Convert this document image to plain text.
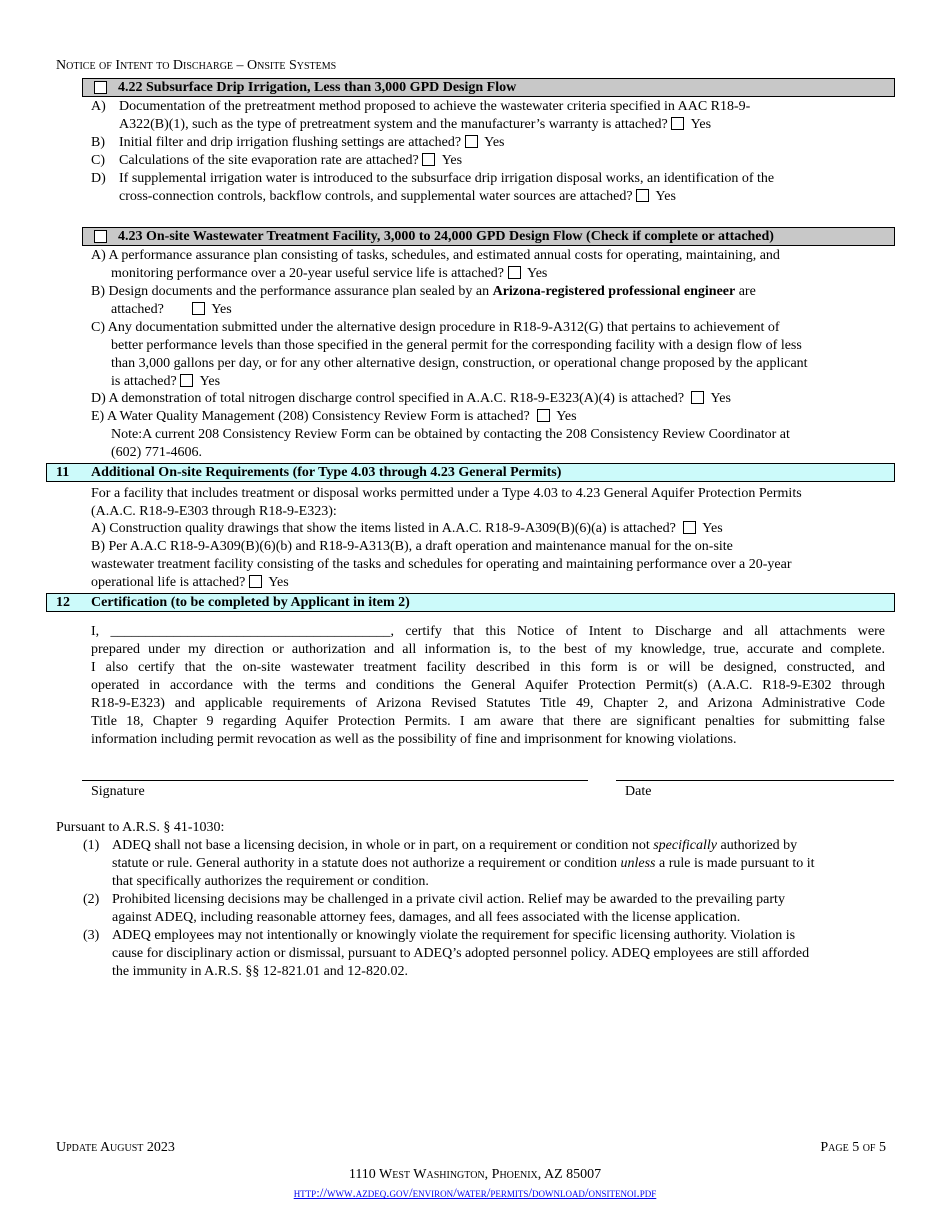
Notice of Intent to Discharge – Onsite Systems
4.22 Subsurface Drip Irrigation, Less than 3,000 GPD Design Flow
A) Documentation of the pretreatment method proposed to achieve the wastewater criteria specified in AAC R18-9-
A322(B)(1), such as the type of pretreatment system and the manufacturer’s warranty is attached? Yes
B) Initial filter and drip irrigation flushing settings are attached? Yes
C) Calculations of the site evaporation rate are attached? Yes
D) If supplemental irrigation water is introduced to the subsurface drip irrigation disposal works, an identification of the
cross-connection controls, backflow controls, and supplemental water sources are attached? Yes
4.23 On-site Wastewater Treatment Facility, 3,000 to 24,000 GPD Design Flow (Check if complete or attached)
A) A performance assurance plan consisting of tasks, schedules, and estimated annual costs for operating, maintaining, and
monitoring performance over a 20-year useful service life is attached? Yes
B) Design documents and the performance assurance plan sealed by an Arizona-registered professional engineer are
attached?	Yes
C) Any documentation submitted under the alternative design procedure in R18-9-A312(G) that pertains to achievement of
better performance levels than those specified in the general permit for the corresponding facility with a design flow of less
than 3,000 gallons per day, or for any other alternative design, construction, or operational change proposed by the applicant
is attached? Yes
D) A demonstration of total nitrogen discharge control specified in A.A.C. R18-9-E323(A)(4) is attached? Yes
E) A Water Quality Management (208) Consistency Review Form is attached? Yes
Note:A current 208 Consistency Review Form can be obtained by contacting the 208 Consistency Review Coordinator at
(602) 771-4606.
11 Additional On-site Requirements (for Type 4.03 through 4.23 General Permits)
For a facility that includes treatment or disposal works permitted under a Type 4.03 to 4.23 General Aquifer Protection Permits
(A.A.C. R18-9-E303 through R18-9-E323):
A) Construction quality drawings that show the items listed in A.A.C. R18-9-A309(B)(6)(a) is attached? Yes
B) Per A.A.C R18-9-A309(B)(6)(b) and R18-9-A313(B), a draft operation and maintenance manual for the on-site
wastewater treatment facility consisting of the tasks and schedules for operating and maintaining performance over a 20-year
operational life is attached? Yes
12 Certification (to be completed by Applicant in item 2)
I, ________________________________________, certify that this Notice of Intent to Discharge and all attachments were
prepared under my direction or authorization and all information is, to the best of my knowledge, true, accurate and complete.
I also certify that the on-site wastewater treatment facility described in this form is or will be designed, constructed, and
operated in accordance with the terms and conditions the General Aquifer Protection Permit(s) (A.A.C. R18-9-E302 through
R18-9-E323) and applicable requirements of Arizona Revised Statutes Title 49, Chapter 2, and Arizona Administrative Code
Title 18, Chapter 9 regarding Aquifer Protection Permits. I am aware that there are significant penalties for submitting false
information including permit revocation as well as the possibility of fine and imprisonment for knowing violations.
Signature	Date
Pursuant to A.R.S. § 41-1030:
(1) ADEQ shall not base a licensing decision, in whole or in part, on a requirement or condition not specifically authorized by
statute or rule. General authority in a statute does not authorize a requirement or condition unless a rule is made pursuant to it
that specifically authorizes the requirement or condition.
(2) Prohibited licensing decisions may be challenged in a private civil action. Relief may be awarded to the prevailing party
against ADEQ, including reasonable attorney fees, damages, and all fees associated with the license application.
(3) ADEQ employees may not intentionally or knowingly violate the requirement for specific licensing authority. Violation is
cause for disciplinary action or dismissal, pursuant to ADEQ’s adopted personnel policy. ADEQ employees are still afforded
the immunity in A.R.S. §§ 12-821.01 and 12-820.02.
Update August 2023	Page 5 of 5
1110 West Washington, Phoenix, AZ 85007
http://www.azdeq.gov/environ/water/permits/download/onsitenoi.pdf
